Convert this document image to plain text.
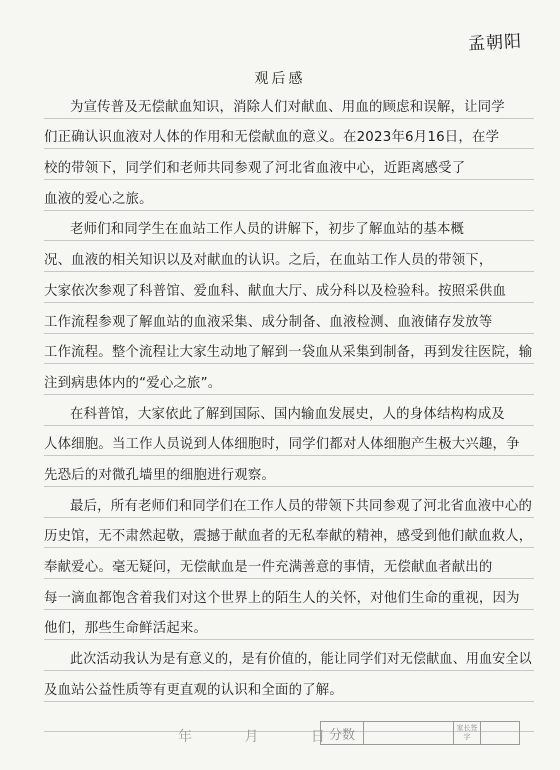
孟朝阳
观后感
为宣传普及无偿献血知识，消除人们对献血、用血的顾虑和误解，让同学
们正确认识血液对人体的作用和无偿献血的意义。在2023年6月16日，在学
校的带领下，同学们和老师共同参观了河北省血液中心，近距离感受了
血液的爱心之旅。
老师们和同学生在血站工作人员的讲解下，初步了解血站的基本概
况、血液的相关知识以及对献血的认识。之后，在血站工作人员的带领下，
大家依次参观了科普馆、爱血科、献血大厅、成分科以及检验科。按照采供血
工作流程参观了解血站的血液采集、成分制备、血液检测、血液储存发放等
工作流程。整个流程让大家生动地了解到一袋血从采集到制备，再到发往医院，输
注到病患体内的“爱心之旅”。
在科普馆，大家依此了解到国际、国内输血发展史，人的身体结构构成及
人体细胞。当工作人员说到人体细胞时，同学们都对人体细胞产生极大兴趣，争
先恐后的对微孔墙里的细胞进行观察。
最后，所有老师们和同学们在工作人员的带领下共同参观了河北省血液中心的
历史馆，无不肃然起敬，震撼于献血者的无私奉献的精神，感受到他们献血救人，
奉献爱心。毫无疑问，无偿献血是一件充满善意的事情，无偿献血者献出的
每一滴血都饱含着我们对这个世界上的陌生人的关怀，对他们生命的重视，因为
他们，那些生命鲜活起来。
此次活动我认为是有意义的，是有价值的，能让同学们对无偿献血、用血安全以
及血站公益性质等有更直观的认识和全面的了解。
年	月	日 分数	家长签字
